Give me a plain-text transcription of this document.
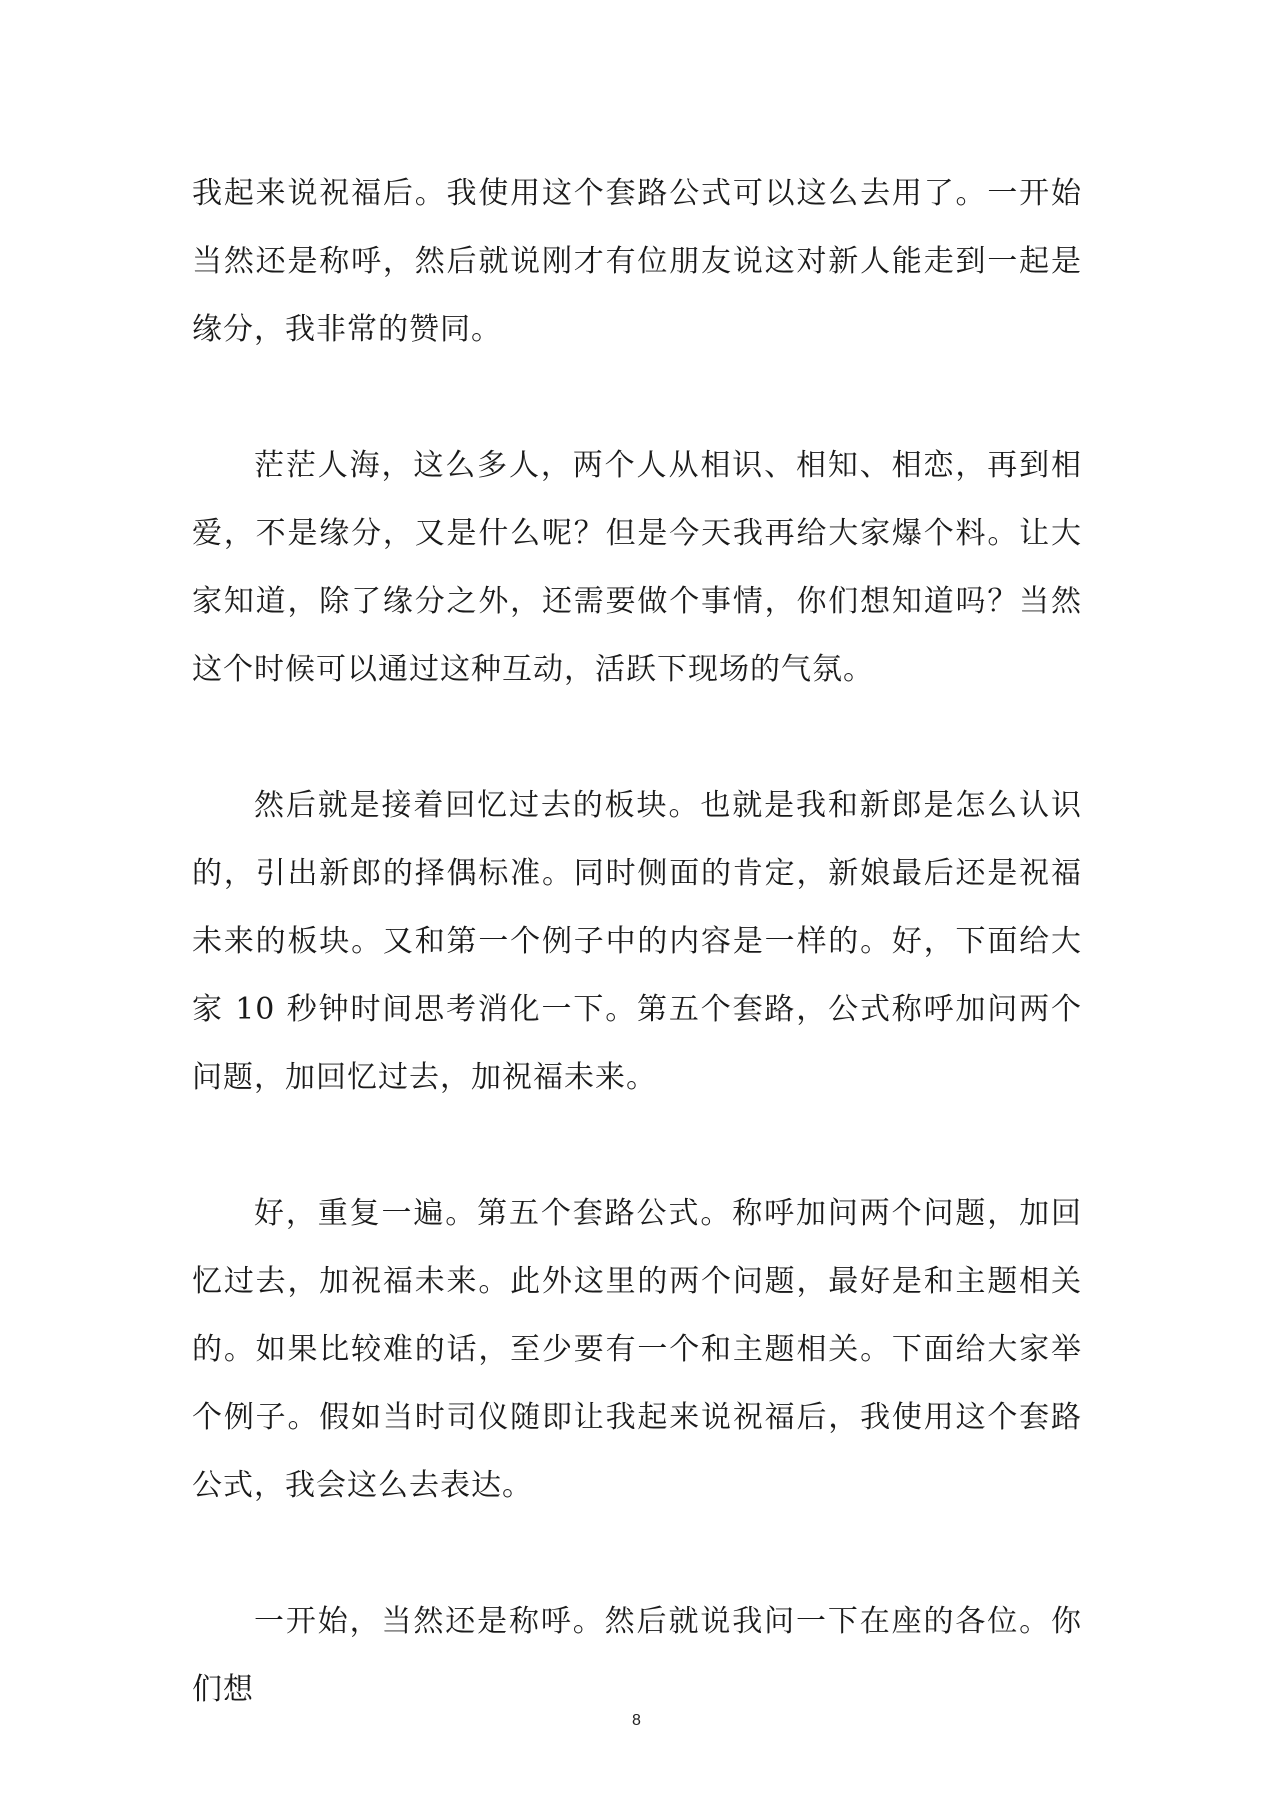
我起来说祝福后。我使用这个套路公式可以这么去用了。一开始当然还是称呼，然后就说刚才有位朋友说这对新人能走到一起是缘分，我非常的赞同。

茫茫人海，这么多人，两个人从相识、相知、相恋，再到相爱，不是缘分，又是什么呢？但是今天我再给大家爆个料。让大家知道，除了缘分之外，还需要做个事情，你们想知道吗？当然这个时候可以通过这种互动，活跃下现场的气氛。

然后就是接着回忆过去的板块。也就是我和新郎是怎么认识的，引出新郎的择偶标准。同时侧面的肯定，新娘最后还是祝福未来的板块。又和第一个例子中的内容是一样的。好，下面给大家 10 秒钟时间思考消化一下。第五个套路，公式称呼加问两个问题，加回忆过去，加祝福未来。

好，重复一遍。第五个套路公式。称呼加问两个问题，加回忆过去，加祝福未来。此外这里的两个问题，最好是和主题相关的。如果比较难的话，至少要有一个和主题相关。下面给大家举个例子。假如当时司仪随即让我起来说祝福后，我使用这个套路公式，我会这么去表达。

一开始，当然还是称呼。然后就说我问一下在座的各位。你们想

8
